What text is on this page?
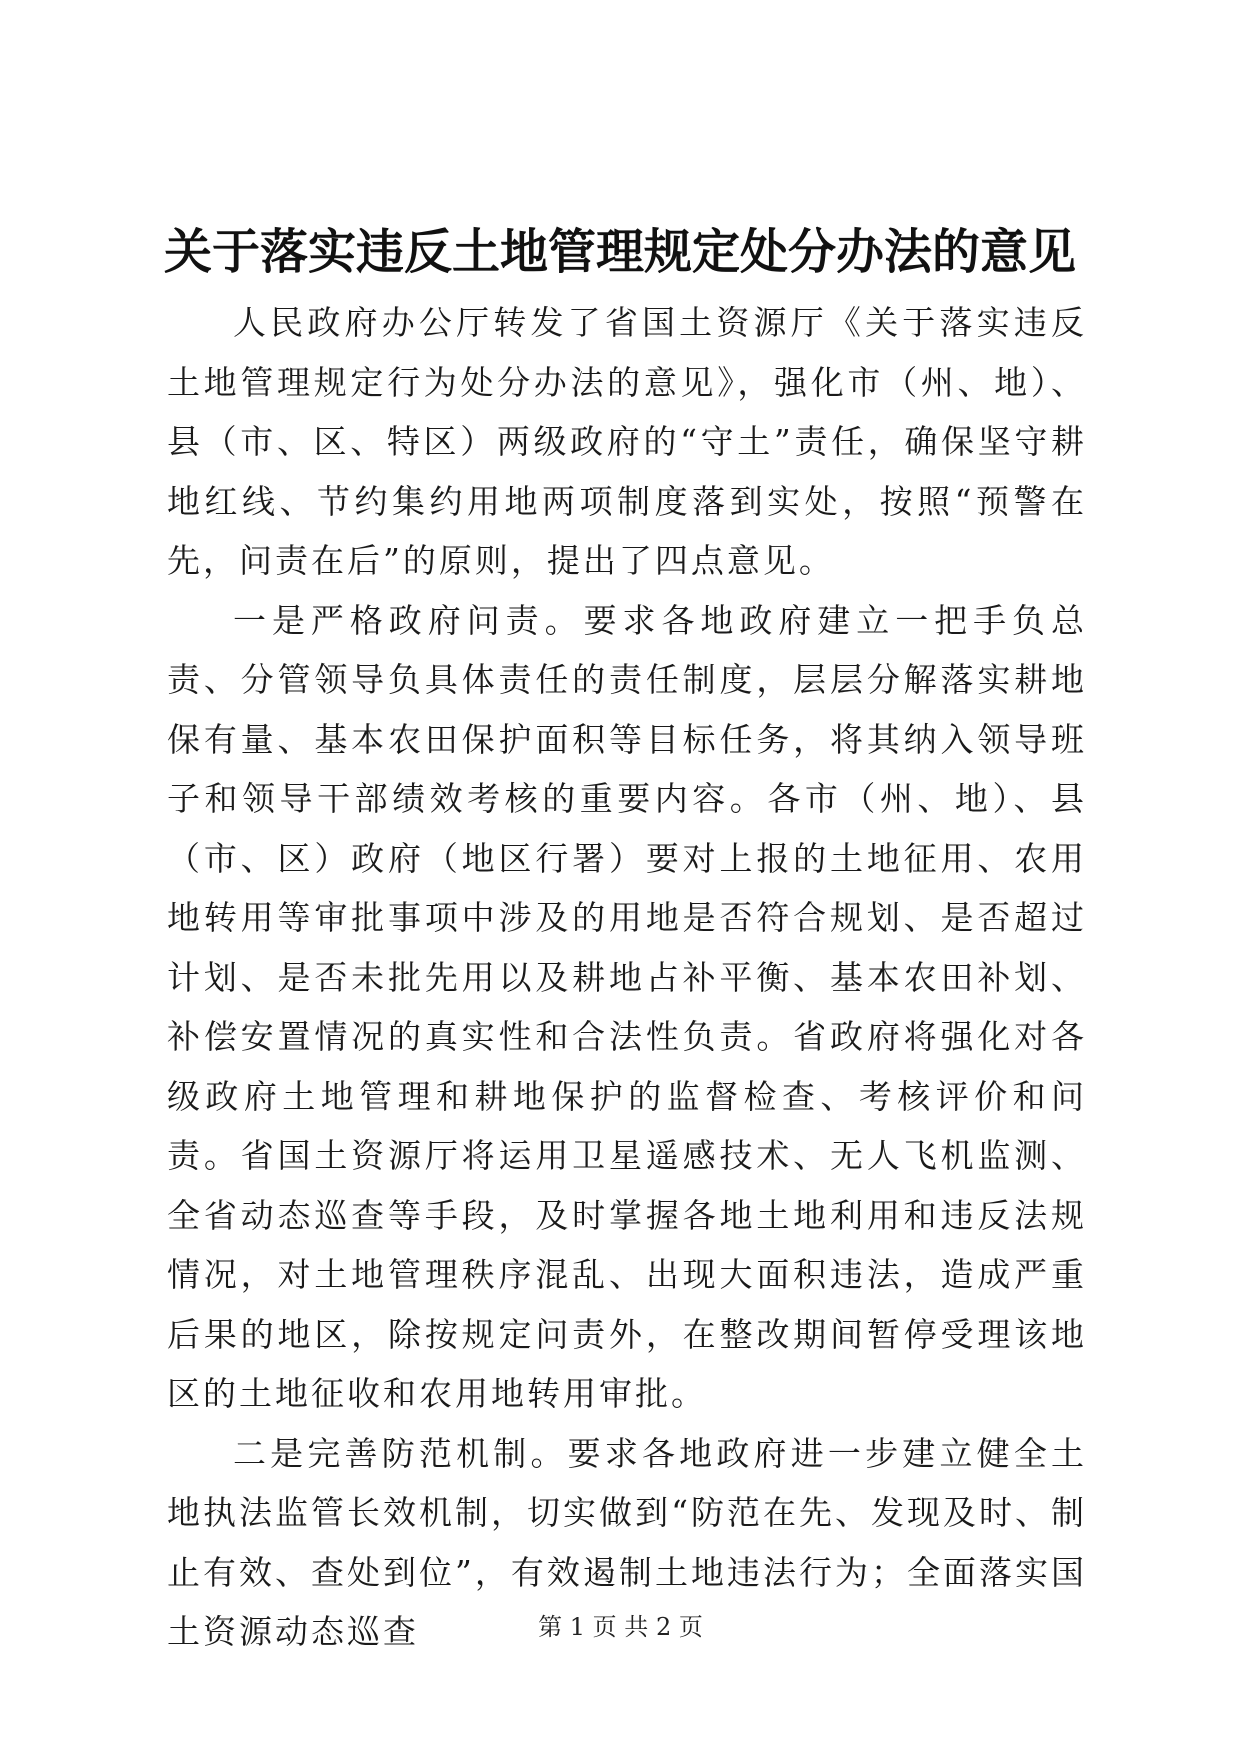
关于落实违反土地管理规定处分办法的意见

人民政府办公厅转发了省国土资源厅《关于落实违反土地管理规定行为处分办法的意见》，强化市（州、地）、县（市、区、特区）两级政府的“守土”责任，确保坚守耕地红线、节约集约用地两项制度落到实处，按照“预警在先，问责在后”的原则，提出了四点意见。

一是严格政府问责。要求各地政府建立一把手负总责、分管领导负具体责任的责任制度，层层分解落实耕地保有量、基本农田保护面积等目标任务，将其纳入领导班子和领导干部绩效考核的重要内容。各市（州、地）、县（市、区）政府（地区行署）要对上报的土地征用、农用地转用等审批事项中涉及的用地是否符合规划、是否超过计划、是否未批先用以及耕地占补平衡、基本农田补划、补偿安置情况的真实性和合法性负责。省政府将强化对各级政府土地管理和耕地保护的监督检查、考核评价和问责。省国土资源厅将运用卫星遥感技术、无人飞机监测、全省动态巡查等手段，及时掌握各地土地利用和违反法规情况，对土地管理秩序混乱、出现大面积违法，造成严重后果的地区，除按规定问责外，在整改期间暂停受理该地区的土地征收和农用地转用审批。

二是完善防范机制。要求各地政府进一步建立健全土地执法监管长效机制，切实做到“防范在先、发现及时、制止有效、查处到位”，有效遏制土地违法行为；全面落实国土资源动态巡查	第 1 页 共 2 页
